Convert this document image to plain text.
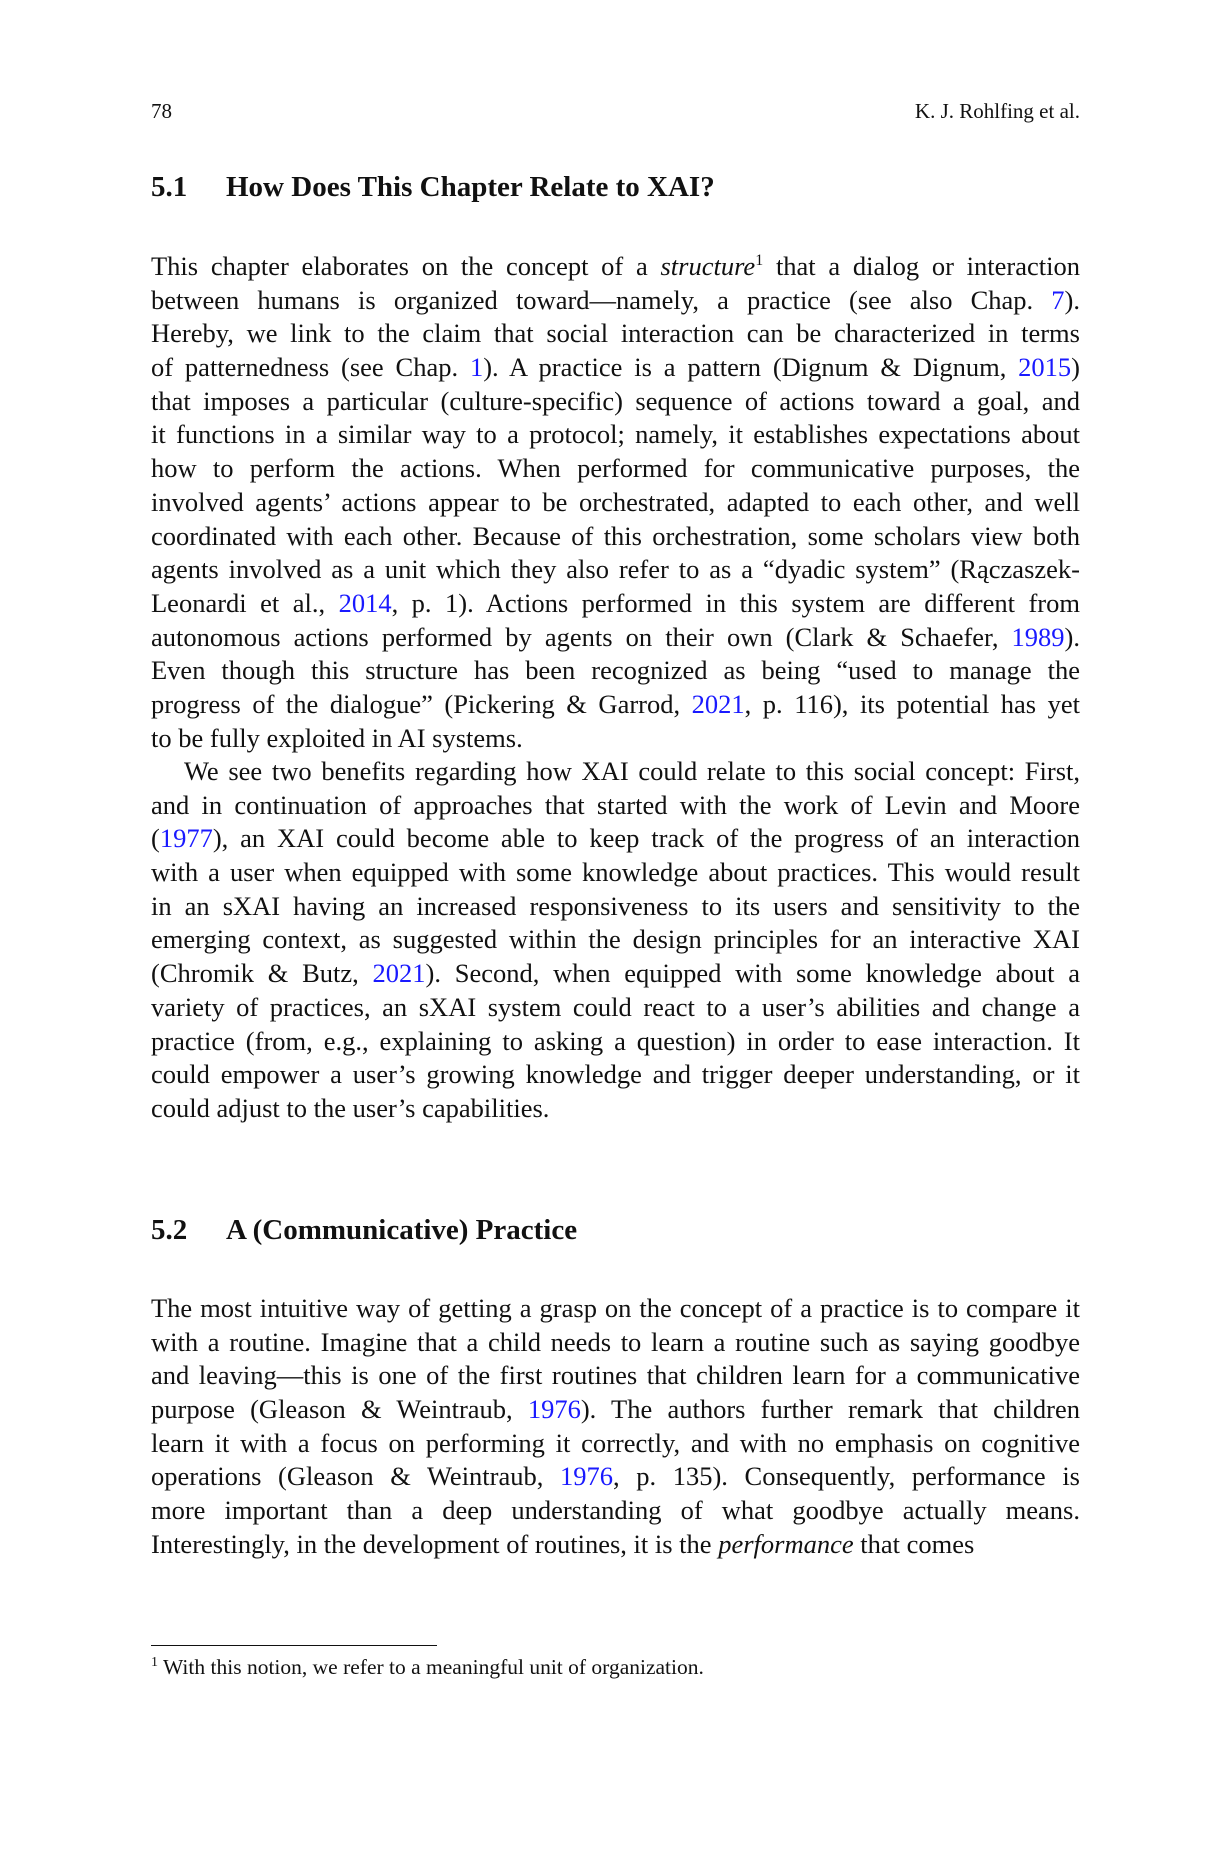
78	K. J. Rohlfing et al.
5.1 How Does This Chapter Relate to XAI?
This chapter elaborates on the concept of a structure$^1$ that a dialog or interaction
between humans is organized toward—namely, a practice (see also Chap. 7).
Hereby, we link to the claim that social interaction can be characterized in terms
of patternedness (see Chap. 1). A practice is a pattern (Dignum & Dignum, 2015)
that imposes a particular (culture-specific) sequence of actions toward a goal, and
it functions in a similar way to a protocol; namely, it establishes expectations about
how to perform the actions. When performed for communicative purposes, the
involved agents’ actions appear to be orchestrated, adapted to each other, and well
coordinated with each other. Because of this orchestration, some scholars view both
agents involved as a unit which they also refer to as a “dyadic system” (Rączaszek-
Leonardi et al., 2014, p. 1). Actions performed in this system are different from
autonomous actions performed by agents on their own (Clark & Schaefer, 1989).
Even though this structure has been recognized as being “used to manage the
progress of the dialogue” (Pickering & Garrod, 2021, p. 116), its potential has yet
to be fully exploited in AI systems.
We see two benefits regarding how XAI could relate to this social concept: First,
and in continuation of approaches that started with the work of Levin and Moore
(1977), an XAI could become able to keep track of the progress of an interaction
with a user when equipped with some knowledge about practices. This would result
in an sXAI having an increased responsiveness to its users and sensitivity to the
emerging context, as suggested within the design principles for an interactive XAI
(Chromik & Butz, 2021). Second, when equipped with some knowledge about a
variety of practices, an sXAI system could react to a user’s abilities and change a
practice (from, e.g., explaining to asking a question) in order to ease interaction. It
could empower a user’s growing knowledge and trigger deeper understanding, or it
could adjust to the user’s capabilities.
5.2 A (Communicative) Practice
The most intuitive way of getting a grasp on the concept of a practice is to compare it
with a routine. Imagine that a child needs to learn a routine such as saying goodbye
and leaving—this is one of the first routines that children learn for a communicative
purpose (Gleason & Weintraub, 1976). The authors further remark that children
learn it with a focus on performing it correctly, and with no emphasis on cognitive
operations (Gleason & Weintraub, 1976, p. 135). Consequently, performance is
more important than a deep understanding of what goodbye actually means.
Interestingly, in the development of routines, it is the performance that comes
$^1$ With this notion, we refer to a meaningful unit of organization.
